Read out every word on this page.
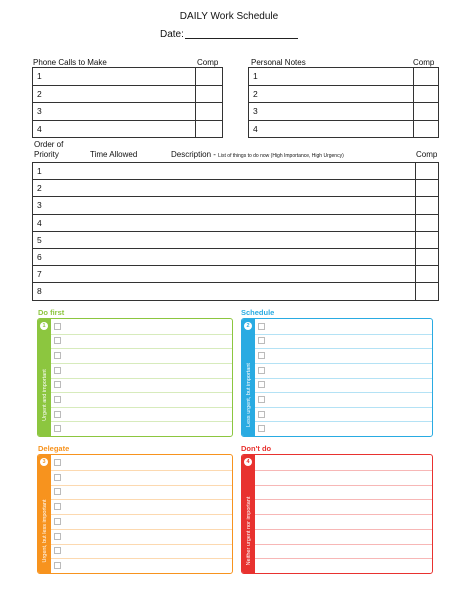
DAILY Work Schedule
Date:
Phone Calls to Make	Comp
1	
2	
3	
4	
Personal Notes	Comp
1	
2	
3	
4	
Order of
Priority	Time Allowed	Description - List of things to do now (High Importance, High Urgency)	Comp
1	
2	
3	
4	
5	
6	
7	
8	
Do first
1
Urgent and important
Schedule
2
Less urgent, but important
Delegate
3
Urgent, but less important
Don't do
4
Neither urgent nor important
